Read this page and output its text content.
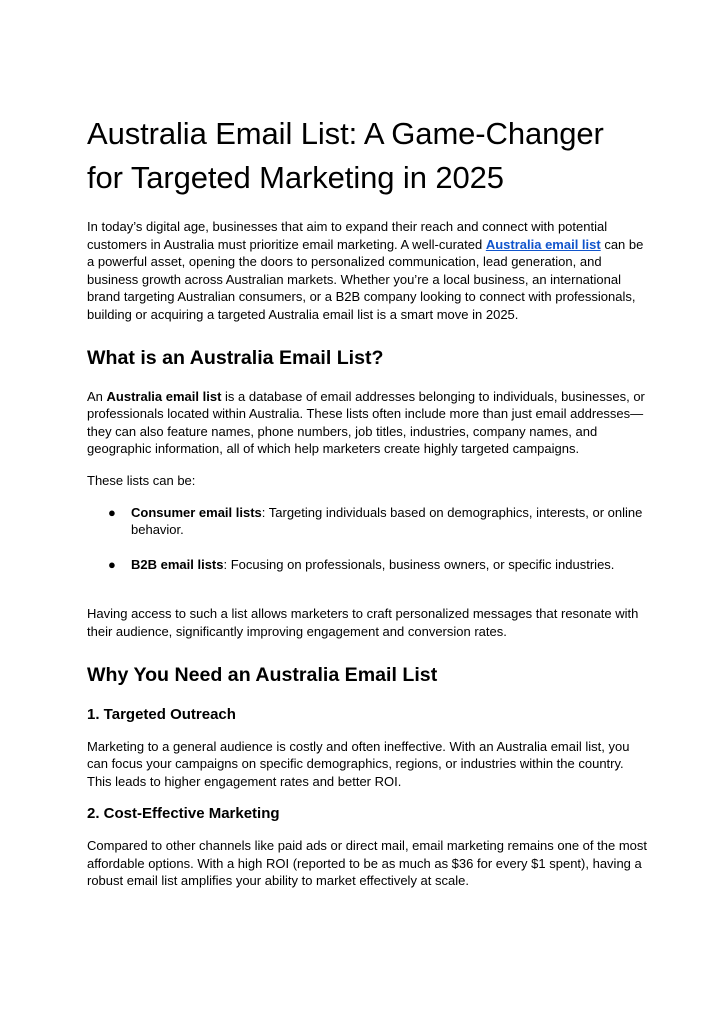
Australia Email List: A Game-Changer for Targeted Marketing in 2025

In today’s digital age, businesses that aim to expand their reach and connect with potential customers in Australia must prioritize email marketing. A well-curated Australia email list can be a powerful asset, opening the doors to personalized communication, lead generation, and business growth across Australian markets. Whether you’re a local business, an international brand targeting Australian consumers, or a B2B company looking to connect with professionals, building or acquiring a targeted Australia email list is a smart move in 2025.

What is an Australia Email List?

An Australia email list is a database of email addresses belonging to individuals, businesses, or professionals located within Australia. These lists often include more than just email addresses—they can also feature names, phone numbers, job titles, industries, company names, and geographic information, all of which help marketers create highly targeted campaigns.

These lists can be:

● Consumer email lists: Targeting individuals based on demographics, interests, or online behavior.
● B2B email lists: Focusing on professionals, business owners, or specific industries.

Having access to such a list allows marketers to craft personalized messages that resonate with their audience, significantly improving engagement and conversion rates.

Why You Need an Australia Email List
1. Targeted Outreach

Marketing to a general audience is costly and often ineffective. With an Australia email list, you can focus your campaigns on specific demographics, regions, or industries within the country. This leads to higher engagement rates and better ROI.

2. Cost-Effective Marketing

Compared to other channels like paid ads or direct mail, email marketing remains one of the most affordable options. With a high ROI (reported to be as much as $36 for every $1 spent), having a robust email list amplifies your ability to market effectively at scale.
